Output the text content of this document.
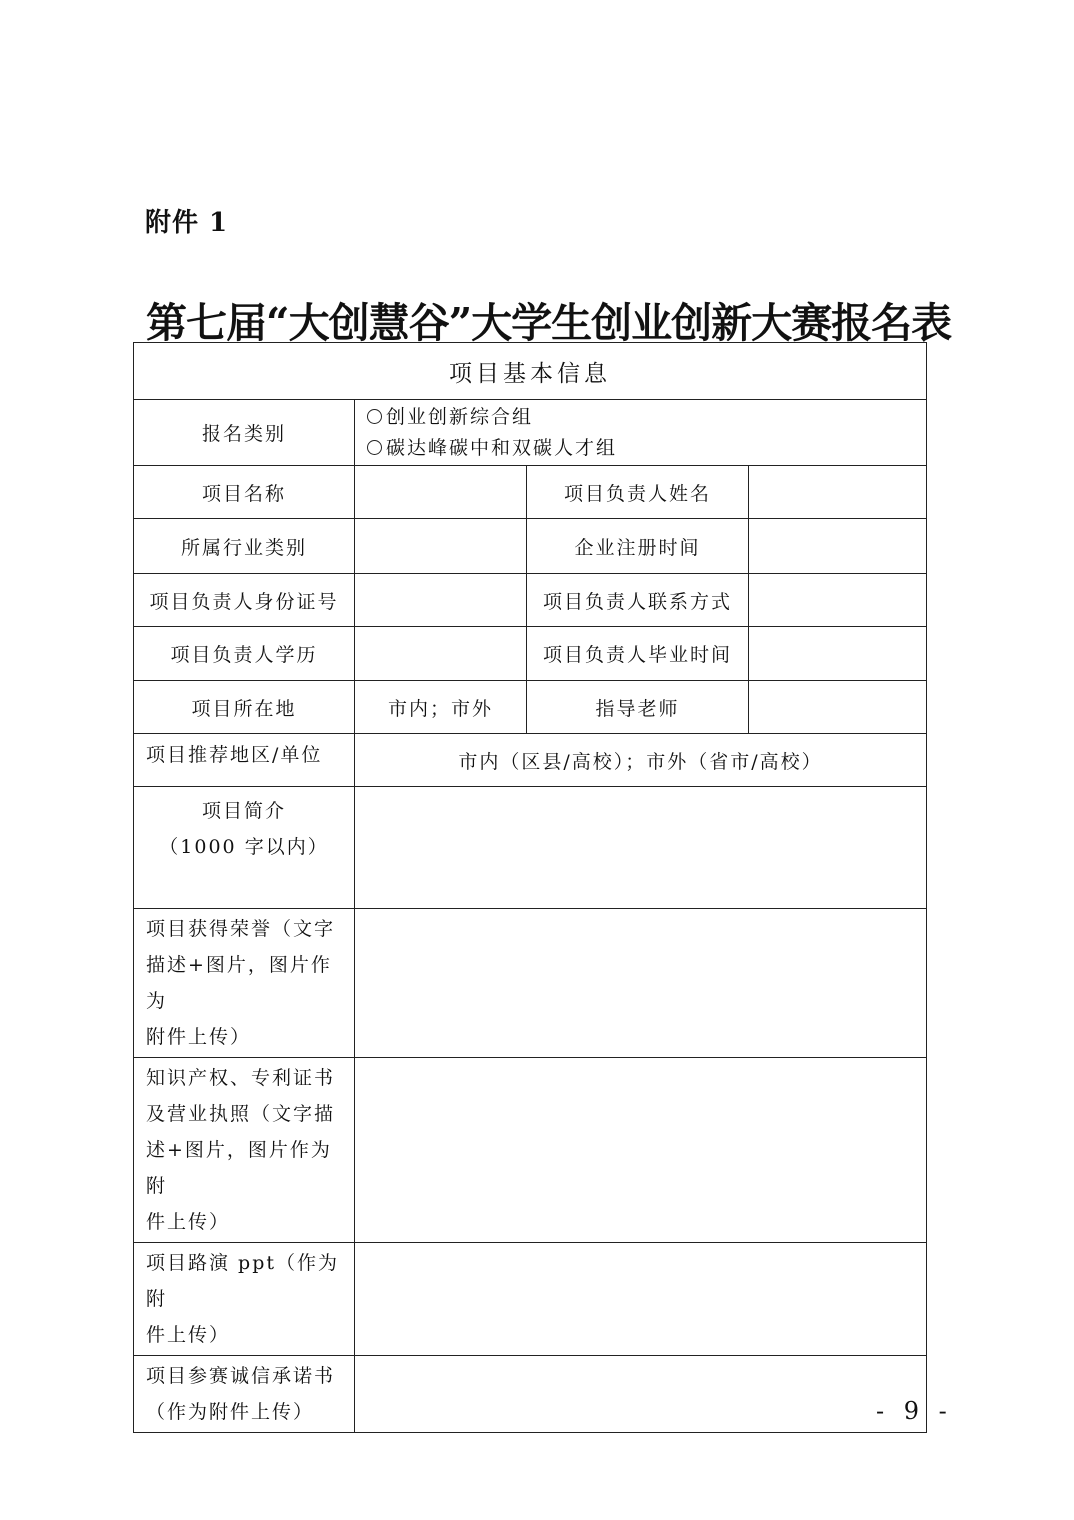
附件 1
第七届“大创慧谷”大学生创业创新大赛报名表
项目基本信息			
报名类别	创业创新综合组
碳达峰碳中和双碳人才组		

项目名称		项目负责人姓名	
所属行业类别		企业注册时间	
项目负责人身份证号		项目负责人联系方式	
项目负责人学历		项目负责人毕业时间	
项目所在地	市内；市外	指导老师	
项目推荐地区/单位	市内（区县/高校）；市外（省市/高校）		

项目简介
（1000 字以内）			

项目获得荣誉（文字
描述+图片，图片作为
附件上传）			

知识产权、专利证书
及营业执照（文字描
述+图片，图片作为附
件上传）			

项目路演 ppt（作为附
件上传）			

项目参赛诚信承诺书
（作为附件上传）			
		- 9 -
